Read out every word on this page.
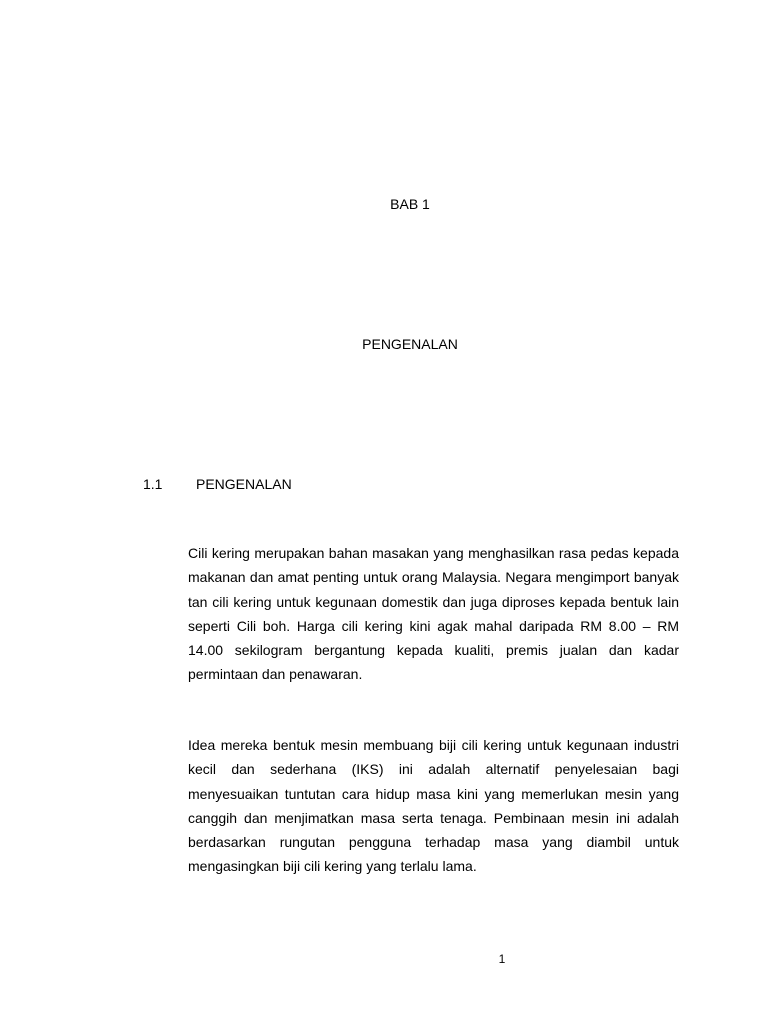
BAB 1
PENGENALAN
1.1 PENGENALAN

Cili kering merupakan bahan masakan yang menghasilkan rasa pedas kepada makanan dan amat penting untuk orang Malaysia. Negara mengimport banyak tan cili kering untuk kegunaan domestik dan juga diproses kepada bentuk lain seperti Cili boh. Harga cili kering kini agak mahal daripada RM 8.00 – RM 14.00 sekilogram bergantung kepada kualiti, premis jualan dan kadar permintaan dan penawaran.

Idea mereka bentuk mesin membuang biji cili kering untuk kegunaan industri kecil dan sederhana (IKS) ini adalah alternatif penyelesaian bagi menyesuaikan tuntutan cara hidup masa kini yang memerlukan mesin yang canggih dan menjimatkan masa serta tenaga. Pembinaan mesin ini adalah berdasarkan rungutan pengguna terhadap masa yang diambil untuk mengasingkan biji cili kering yang terlalu lama.

1
